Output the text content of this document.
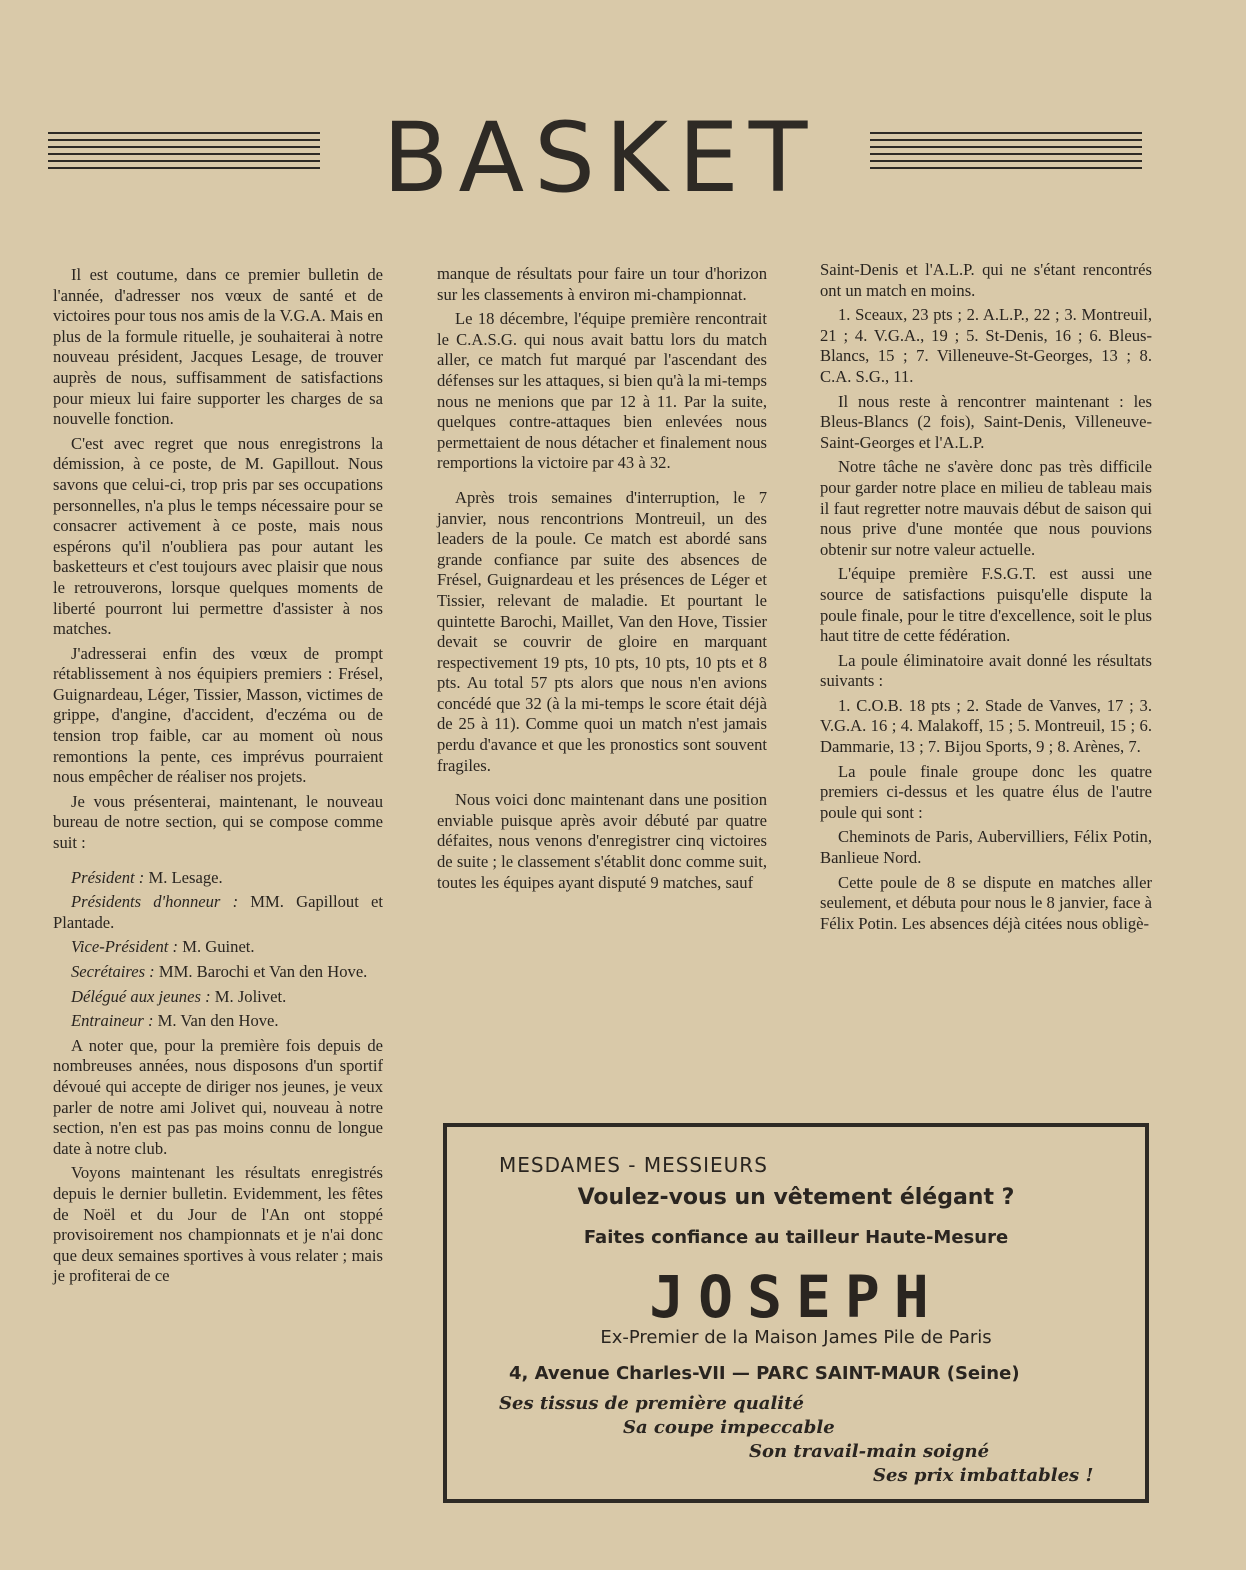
BASKET

Il est coutume, dans ce premier bulletin de l'année, d'adresser nos vœux de santé et de victoires pour tous nos amis de la V.G.A. Mais en plus de la formule rituelle, je souhaiterai à notre nouveau président, Jacques Lesage, de trouver auprès de nous, suffisamment de satisfactions pour mieux lui faire supporter les charges de sa nouvelle fonction.

C'est avec regret que nous enregistrons la démission, à ce poste, de M. Gapillout. Nous savons que celui-ci, trop pris par ses occupations personnelles, n'a plus le temps nécessaire pour se consacrer activement à ce poste, mais nous espérons qu'il n'oubliera pas pour autant les basketteurs et c'est toujours avec plaisir que nous le retrouverons, lorsque quelques moments de liberté pourront lui permettre d'assister à nos matches.

J'adresserai enfin des vœux de prompt rétablissement à nos équipiers premiers : Frésel, Guignardeau, Léger, Tissier, Masson, victimes de grippe, d'angine, d'accident, d'eczéma ou de tension trop faible, car au moment où nous remontions la pente, ces imprévus pourraient nous empêcher de réaliser nos projets.

Je vous présenterai, maintenant, le nouveau bureau de notre section, qui se compose comme suit :

Président : M. Lesage.

Présidents d'honneur : MM. Gapillout et Plantade.

Vice-Président : M. Guinet.

Secrétaires : MM. Barochi et Van den Hove.

Délégué aux jeunes : M. Jolivet.

Entraineur : M. Van den Hove.

A noter que, pour la première fois depuis de nombreuses années, nous disposons d'un sportif dévoué qui accepte de diriger nos jeunes, je veux parler de notre ami Jolivet qui, nouveau à notre section, n'en est pas pas moins connu de longue date à notre club.

Voyons maintenant les résultats enregistrés depuis le dernier bulletin. Evidemment, les fêtes de Noël et du Jour de l'An ont stoppé provisoirement nos championnats et je n'ai donc que deux semaines sportives à vous relater ; mais je profiterai de ce

manque de résultats pour faire un tour d'horizon sur les classements à environ mi-championnat.

Le 18 décembre, l'équipe première rencontrait le C.A.S.G. qui nous avait battu lors du match aller, ce match fut marqué par l'ascendant des défenses sur les attaques, si bien qu'à la mi-temps nous ne menions que par 12 à 11. Par la suite, quelques contre-attaques bien enlevées nous permettaient de nous détacher et finalement nous remportions la victoire par 43 à 32.

Après trois semaines d'interruption, le 7 janvier, nous rencontrions Montreuil, un des leaders de la poule. Ce match est abordé sans grande confiance par suite des absences de Frésel, Guignardeau et les présences de Léger et Tissier, relevant de maladie. Et pourtant le quintette Barochi, Maillet, Van den Hove, Tissier devait se couvrir de gloire en marquant respectivement 19 pts, 10 pts, 10 pts, 10 pts et 8 pts. Au total 57 pts alors que nous n'en avions concédé que 32 (à la mi-temps le score était déjà de 25 à 11). Comme quoi un match n'est jamais perdu d'avance et que les pronostics sont souvent fragiles.

Nous voici donc maintenant dans une position enviable puisque après avoir débuté par quatre défaites, nous venons d'enregistrer cinq victoires de suite ; le classement s'établit donc comme suit, toutes les équipes ayant disputé 9 matches, sauf

Saint-Denis et l'A.L.P. qui ne s'étant rencontrés ont un match en moins.

1. Sceaux, 23 pts ; 2. A.L.P., 22 ; 3. Montreuil, 21 ; 4. V.G.A., 19 ; 5. St-Denis, 16 ; 6. Bleus-Blancs, 15 ; 7. Villeneuve-St-Georges, 13 ; 8. C.A. S.G., 11.

Il nous reste à rencontrer maintenant : les Bleus-Blancs (2 fois), Saint-Denis, Villeneuve-Saint-Georges et l'A.L.P.

Notre tâche ne s'avère donc pas très difficile pour garder notre place en milieu de tableau mais il faut regretter notre mauvais début de saison qui nous prive d'une montée que nous pouvions obtenir sur notre valeur actuelle.

L'équipe première F.S.G.T. est aussi une source de satisfactions puisqu'elle dispute la poule finale, pour le titre d'excellence, soit le plus haut titre de cette fédération.

La poule éliminatoire avait donné les résultats suivants :

1. C.O.B. 18 pts ; 2. Stade de Vanves, 17 ; 3. V.G.A. 16 ; 4. Malakoff, 15 ; 5. Montreuil, 15 ; 6. Dammarie, 13 ; 7. Bijou Sports, 9 ; 8. Arènes, 7.

La poule finale groupe donc les quatre premiers ci-dessus et les quatre élus de l'autre poule qui sont :

Cheminots de Paris, Aubervilliers, Félix Potin, Banlieue Nord.

Cette poule de 8 se dispute en matches aller seulement, et débuta pour nous le 8 janvier, face à Félix Potin. Les absences déjà citées nous obligè-

MESDAMES - MESSIEURS
Voulez-vous un vêtement élégant ?
Faites confiance au tailleur Haute-Mesure
JOSEPH
Ex-Premier de la Maison James Pile de Paris
4, Avenue Charles-VII — PARC SAINT-MAUR (Seine)
Ses tissus de première qualité
Sa coupe impeccable
Son travail-main soigné
Ses prix imbattables !
